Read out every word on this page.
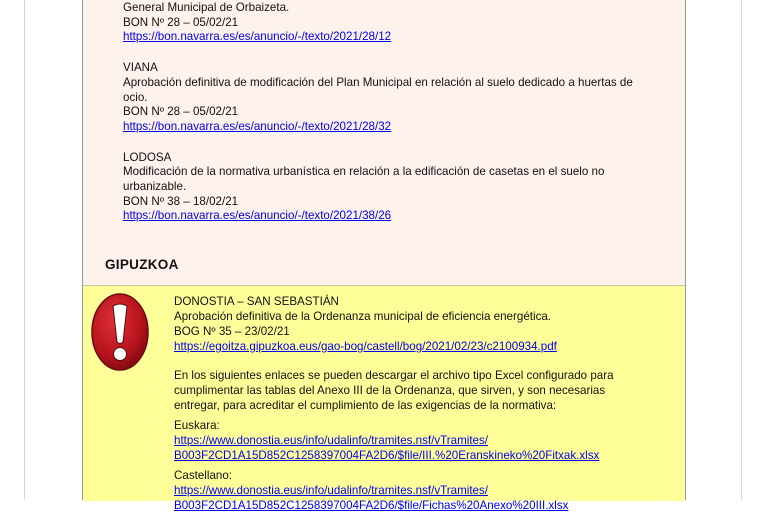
General Municipal de Orbaizeta.

BON Nº 28 – 05/02/21

https://bon.navarra.es/es/anuncio/-/texto/2021/28/12

VIANA

Aprobación definitiva de modificación del Plan Municipal en relación al suelo dedicado a huertas de

ocio.

BON Nº 28 – 05/02/21

https://bon.navarra.es/es/anuncio/-/texto/2021/28/32

LODOSA

Modificación de la normativa urbanística en relación a la edificación de casetas en el suelo no

urbanizable.

BON Nº 38 – 18/02/21

https://bon.navarra.es/es/anuncio/-/texto/2021/38/26

GIPUZKOA

DONOSTIA – SAN SEBASTIÁN

Aprobación definitiva de la Ordenanza municipal de eficiencia energética.

BOG Nº 35 – 23/02/21

https://egoitza.gipuzkoa.eus/gao-bog/castell/bog/2021/02/23/c2100934.pdf

En los siguientes enlaces se pueden descargar el archivo tipo Excel configurado para

cumplimentar las tablas del Anexo III de la Ordenanza, que sirven, y son necesarias

entregar, para acreditar el cumplimiento de las exigencias de la normativa:

Euskara:

https://www.donostia.eus/info/udalinfo/tramites.nsf/vTramites/

B003F2CD1A15D852C1258397004FA2D6/$file/III.%20Eranskineko%20Fitxak.xlsx

Castellano:

https://www.donostia.eus/info/udalinfo/tramites.nsf/vTramites/

B003F2CD1A15D852C1258397004FA2D6/$file/Fichas%20Anexo%20III.xlsx
